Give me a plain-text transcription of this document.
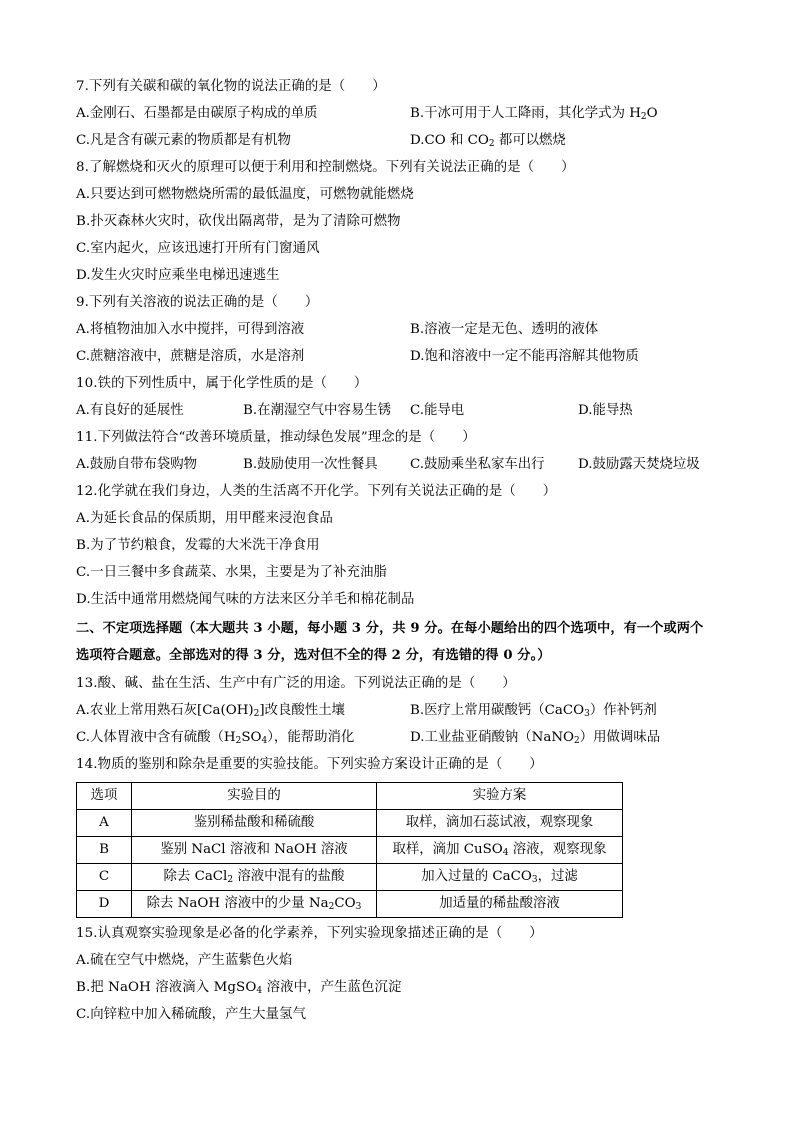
7.下列有关碳和碳的氧化物的说法正确的是（　　）
A.金刚石、石墨都是由碳原子构成的单质	B.干冰可用于人工降雨，其化学式为 $H_2O$
C.凡是含有碳元素的物质都是有机物	D.CO 和 $CO_2$ 都可以燃烧
8.了解燃烧和灭火的原理可以便于利用和控制燃烧。下列有关说法正确的是（　　）
A.只要达到可燃物燃烧所需的最低温度，可燃物就能燃烧
B.扑灭森林火灾时，砍伐出隔离带，是为了清除可燃物
C.室内起火，应该迅速打开所有门窗通风
D.发生火灾时应乘坐电梯迅速逃生
9.下列有关溶液的说法正确的是（　　）
A.将植物油加入水中搅拌，可得到溶液	B.溶液一定是无色、透明的液体
C.蔗糖溶液中，蔗糖是溶质，水是溶剂	D.饱和溶液中一定不能再溶解其他物质
10.铁的下列性质中，属于化学性质的是（　　）
A.有良好的延展性	B.在潮湿空气中容易生锈 C.能导电	D.能导热
11.下列做法符合“改善环境质量，推动绿色发展”理念的是（　　）
A.鼓励自带布袋购物	B.鼓励使用一次性餐具 C.鼓励乘坐私家车出行 D.鼓励露天焚烧垃圾
12.化学就在我们身边，人类的生活离不开化学。下列有关说法正确的是（　　）
A.为延长食品的保质期，用甲醛来浸泡食品
B.为了节约粮食，发霉的大米洗干净食用
C.一日三餐中多食蔬菜、水果，主要是为了补充油脂
D.生活中通常用燃烧闻气味的方法来区分羊毛和棉花制品
二、不定项选择题（本大题共 3 小题，每小题 3 分，共 9 分。在每小题给出的四个选项中，有一个或两个
选项符合题意。全部选对的得 3 分，选对但不全的得 2 分，有选错的得 0 分。）
13.酸、碱、盐在生活、生产中有广泛的用途。下列说法正确的是（　　）
A.农业上常用熟石灰$[Ca(OH)_2]$改良酸性土壤	B.医疗上常用碳酸钙（CaCO$_3$）作补钙剂
C.人体胃液中含有硫酸$(H_2SO_4)$，能帮助消化	D.工业盐亚硝酸钠（NaNO$_2$）用做调味品
14.物质的鉴别和除杂是重要的实验技能。下列实验方案设计正确的是（　　）
选项	实验目的	实验方案
A	鉴别稀盐酸和稀硫酸	取样，滴加石蕊试液，观察现象
B	鉴别 NaCl 溶液和 NaOH 溶液	取样，滴加 CuSO$_4$ 溶液，观察现象
C	除去 CaCl$_2$ 溶液中混有的盐酸	加入过量的 CaCO$_3$，过滤
D	除去 NaOH 溶液中的少量 $Na_2CO_3$	加适量的稀盐酸溶液
15.认真观察实验现象是必备的化学素养，下列实验现象描述正确的是（　　）
A.硫在空气中燃烧，产生蓝紫色火焰
B.把 NaOH 溶液滴入 MgSO$_4$ 溶液中，产生蓝色沉淀
C.向锌粒中加入稀硫酸，产生大量氢气
